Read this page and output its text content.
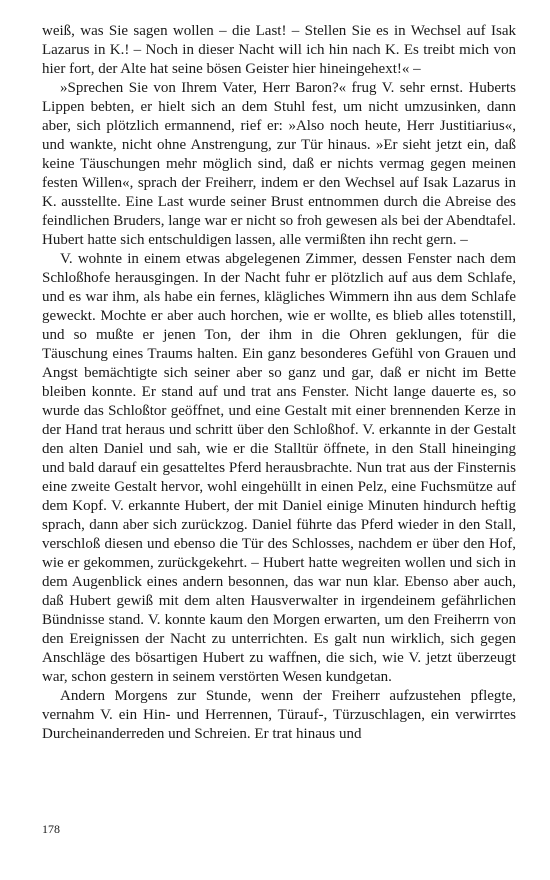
weiß, was Sie sagen wollen – die Last! – Stellen Sie es in Wechsel auf Isak Lazarus in K.! – Noch in dieser Nacht will ich hin nach K. Es treibt mich von hier fort, der Alte hat seine bösen Geister hier hineingehext!« –

»Sprechen Sie von Ihrem Vater, Herr Baron?« frug V. sehr ernst. Huberts Lippen bebten, er hielt sich an dem Stuhl fest, um nicht umzusinken, dann aber, sich plötzlich ermannend, rief er: »Also noch heute, Herr Justitiarius«, und wankte, nicht ohne Anstrengung, zur Tür hinaus. »Er sieht jetzt ein, daß keine Täuschungen mehr möglich sind, daß er nichts vermag gegen meinen festen Willen«, sprach der Freiherr, indem er den Wechsel auf Isak Lazarus in K. ausstellte. Eine Last wurde seiner Brust entnommen durch die Abreise des feindlichen Bruders, lange war er nicht so froh gewesen als bei der Abendtafel. Hubert hatte sich entschuldigen lassen, alle vermißten ihn recht gern. –

V. wohnte in einem etwas abgelegenen Zimmer, dessen Fenster nach dem Schloßhofe herausgingen. In der Nacht fuhr er plötzlich auf aus dem Schlafe, und es war ihm, als habe ein fernes, klägliches Wimmern ihn aus dem Schlafe geweckt. Mochte er aber auch horchen, wie er wollte, es blieb alles totenstill, und so mußte er jenen Ton, der ihm in die Ohren geklungen, für die Täuschung eines Traums halten. Ein ganz besonderes Gefühl von Grauen und Angst bemächtigte sich seiner aber so ganz und gar, daß er nicht im Bette bleiben konnte. Er stand auf und trat ans Fenster. Nicht lange dauerte es, so wurde das Schloßtor geöffnet, und eine Gestalt mit einer brennenden Kerze in der Hand trat heraus und schritt über den Schloßhof. V. erkannte in der Gestalt den alten Daniel und sah, wie er die Stalltür öffnete, in den Stall hineinging und bald darauf ein gesatteltes Pferd herausbrachte. Nun trat aus der Finsternis eine zweite Gestalt hervor, wohl eingehüllt in einen Pelz, eine Fuchsmütze auf dem Kopf. V. erkannte Hubert, der mit Daniel einige Minuten hindurch heftig sprach, dann aber sich zurückzog. Daniel führte das Pferd wieder in den Stall, verschloß diesen und ebenso die Tür des Schlosses, nachdem er über den Hof, wie er gekommen, zurückgekehrt. – Hubert hatte wegreiten wollen und sich in dem Augenblick eines andern besonnen, das war nun klar. Ebenso aber auch, daß Hubert gewiß mit dem alten Hausverwalter in irgendeinem gefährlichen Bündnisse stand. V. konnte kaum den Morgen erwarten, um den Freiherrn von den Ereignissen der Nacht zu unterrichten. Es galt nun wirklich, sich gegen Anschläge des bösartigen Hubert zu waffnen, die sich, wie V. jetzt überzeugt war, schon gestern in seinem verstörten Wesen kundgetan.

Andern Morgens zur Stunde, wenn der Freiherr aufzustehen pflegte, vernahm V. ein Hin- und Herrennen, Türauf-, Türzuschlagen, ein verwirrtes Durcheinanderreden und Schreien. Er trat hinaus und

178
